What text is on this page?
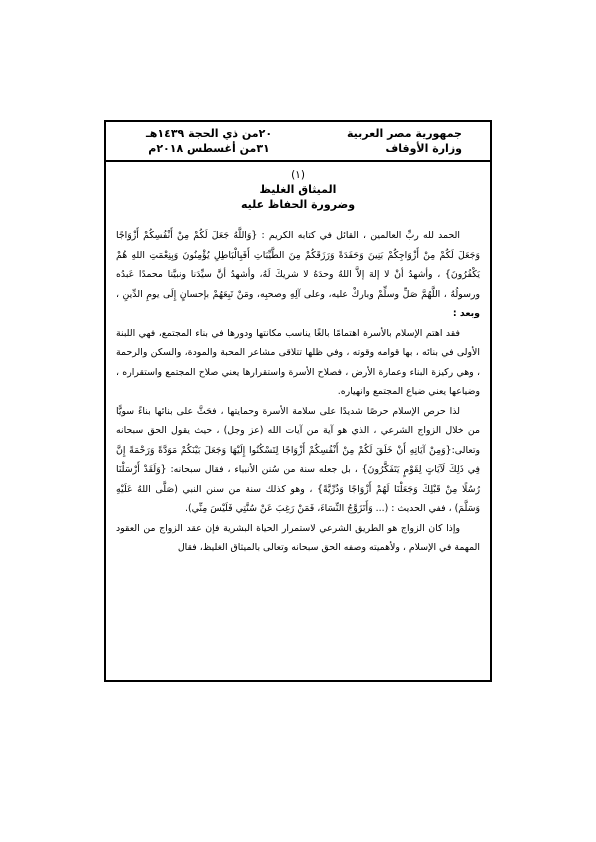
جمهورية مصر العربية
وزارة الأوقاف
٢٠من ذي الحجة ١٤٣٩هـ
٣١من أغسطس ٢٠١٨م
(١)
الميثاق الغليظ
وضرورة الحفاظ عليه

الحمد لله ربِّ العالمين ، القائل في كتابه الكريم : {وَاللَّهُ جَعَلَ لَكُمْ مِنْ أَنْفُسِكُمْ أَزْوَاجًا وَجَعَلَ لَكُمْ مِنْ أَزْوَاجِكُمْ بَنِينَ وَحَفَدَةً وَرَزَقَكُمْ مِنَ الطَّيِّبَاتِ أَفَبِالْبَاطِلِ يُؤْمِنُونَ وَبِنِعْمَتِ اللهِ هُمْ يَكْفُرُونَ} ، وأشهدُ أنْ لا إلهَ إلاَّ اللهُ وحدَهُ لا شريكَ لَهُ، وأشهدُ أنَّ سيِّدَنا ونبيَّنا محمدًا عَبدُه ورسولُهُ ، اللَّهُمَّ صَلِّ وسلِّمْ وباركْ عليه، وعلى آلِهِ وصحبِه، ومَنْ تَبِعَهُمْ بإحسانٍ إِلَى يومِ الدِّينِ ، وبعد :

فقد اهتم الإسلام بالأسرة اهتمامًا بالغًا يناسب مكانتها ودورها في بناء المجتمع، فهي اللبنة الأولى في بنائه ، بها قوامه وقوته ، وفي ظلها تتلاقى مشاعر المحبة والمودة، والسكن والرحمة ، وهي ركيزة البناء وعمارة الأرض ، فصلاح الأسرة واستقرارها يعني صلاح المجتمع واستقراره ، وضياعها يعني ضياع المجتمع وانهياره.

لذا حرص الإسلام حرصًا شديدًا على سلامة الأسرة وحمايتها ، فحَثَّ على بنائها بناءً سويًّا من خلال الزواج الشرعي ، الذي هو آية من آيات الله (عز وجل) ، حيث يقول الحق سبحانه وتعالى:{وَمِنْ آيَاتِهِ أَنْ خَلَقَ لَكُمْ مِنْ أَنْفُسِكُمْ أَزْوَاجًا لِتَسْكُنُوا إِلَيْهَا وَجَعَلَ بَيْنَكُمْ مَوَدَّةً وَرَحْمَةً إِنَّ فِي ذَلِكَ لَآيَاتٍ لِقَوْمٍ يَتَفَكَّرُونَ} ، بل جعله سنة من سُنن الأنبياء ، فقال سبحانه: {وَلَقَدْ أَرْسَلْنَا رُسُلًا مِنْ قَبْلِكَ وَجَعَلْنَا لَهُمْ أَزْوَاجًا وَذُرِّيَّةً} ، وهو كذلك سنة من سنن النبي (صَلَّى اللهُ عَلَيْهِ وَسَلَّمَ) ، ففي الحديث : (... وَأَتَزَوَّجُ النِّسَاءَ، فَمَنْ رَغِبَ عَنْ سُنَّتِي فَلَيْسَ مِنِّي).

وإذا كان الزواج هو الطريق الشرعي لاستمرار الحياة البشرية فإن عقد الزواج من العقود المهمة في الإسلام ، ولأهميته وصفه الحق سبحانه وتعالى بالميثاق الغليظ، فقال
